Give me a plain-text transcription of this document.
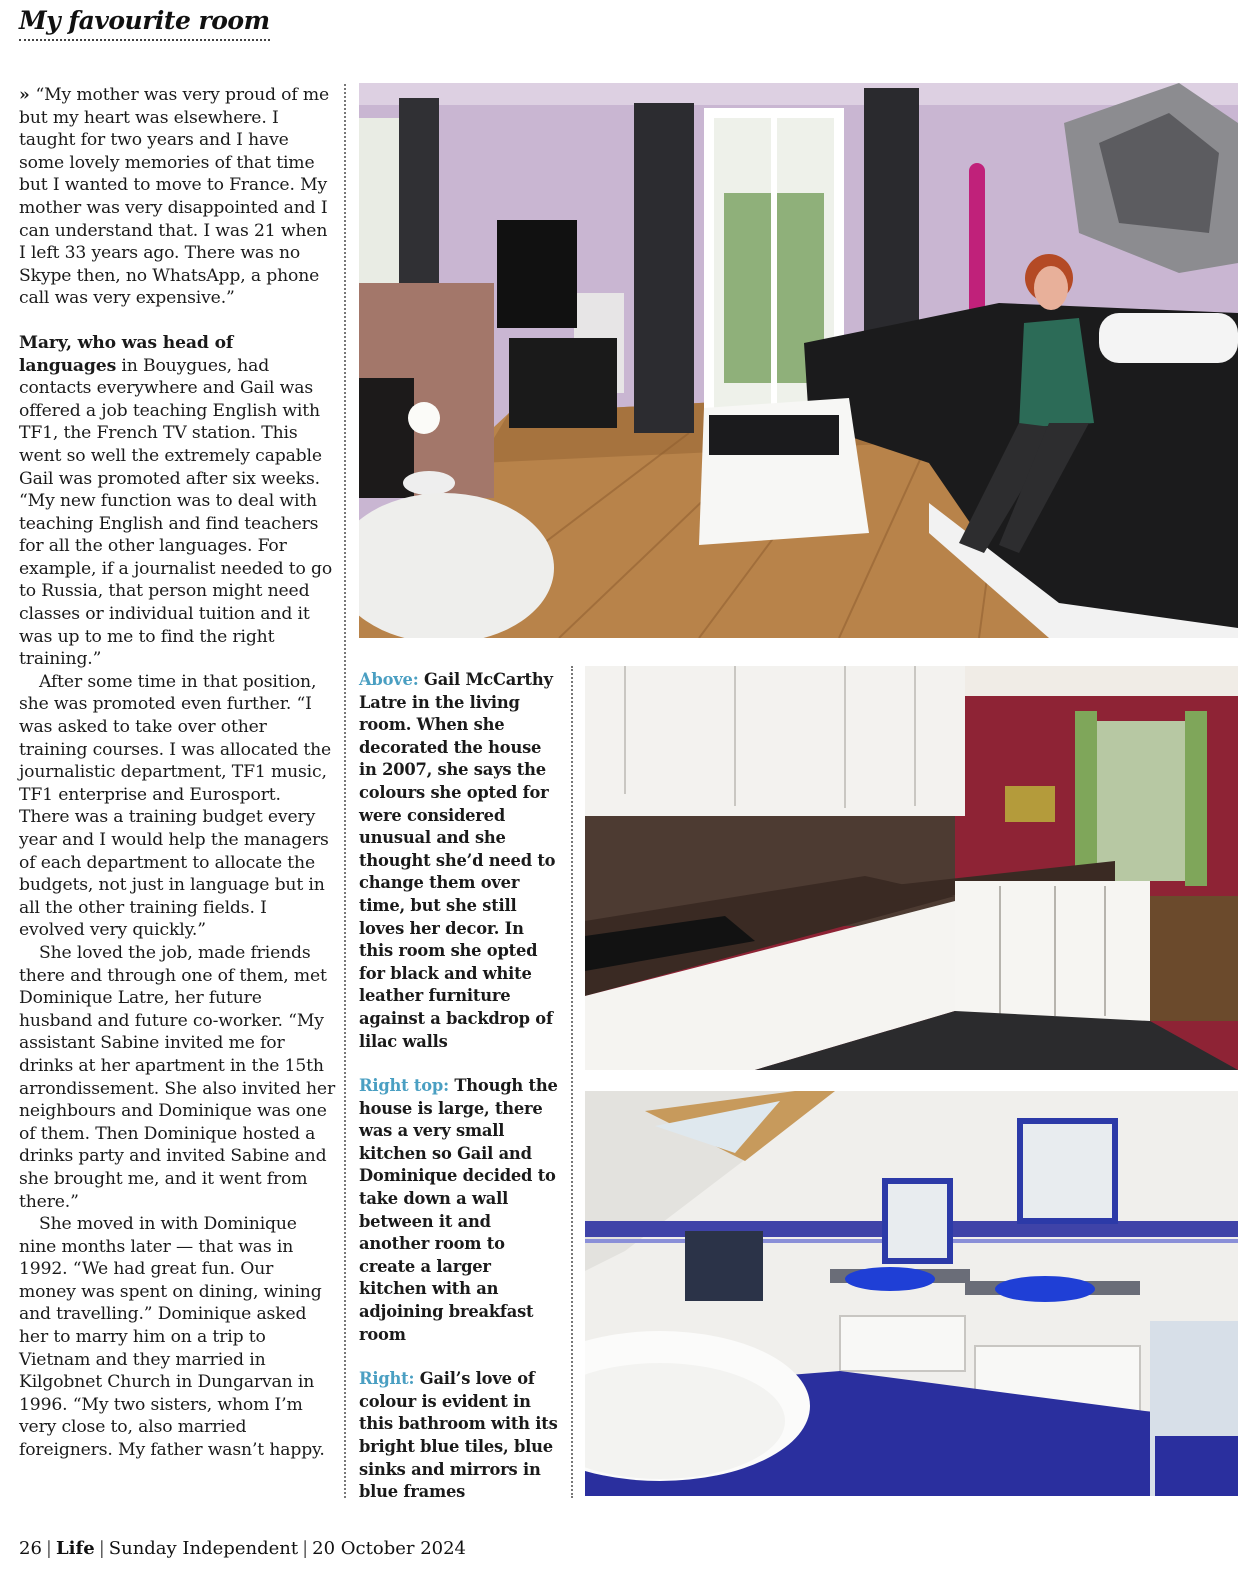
My favourite room

» “My mother was very proud of me but my heart was elsewhere. I taught for two years and I have some lovely memories of that time but I wanted to move to France. My mother was very disappointed and I can understand that. I was 21 when I left 33 years ago. There was no Skype then, no WhatsApp, a phone call was very expensive.”

Mary, who was head of languages in Bouygues, had contacts everywhere and Gail was offered a job teaching English with TF1, the French TV station. This went so well the extremely capable Gail was promoted after six weeks. “My new function was to deal with teaching English and find teachers for all the other languages. For example, if a journalist needed to go to Russia, that person might need classes or individual tuition and it was up to me to find the right training.”

After some time in that position, she was promoted even further. “I was asked to take over other training courses. I was allocated the journalistic department, TF1 music, TF1 enterprise and Eurosport. There was a training budget every year and I would help the managers of each department to allocate the budgets, not just in language but in all the other training fields. I evolved very quickly.”

She loved the job, made friends there and through one of them, met Dominique Latre, her future husband and future co-worker. “My assistant Sabine invited me for drinks at her apartment in the 15th arrondissement. She also invited her neighbours and Dominique was one of them. Then Dominique hosted a drinks party and invited Sabine and she brought me, and it went from there.”

She moved in with Dominique nine months later — that was in 1992. “We had great fun. Our money was spent on dining, wining and travelling.” Dominique asked her to marry him on a trip to Vietnam and they married in Kilgobnet Church in Dungarvan in 1996. “My two sisters, whom I’m very close to, also married foreigners. My father wasn’t happy.

Above: Gail McCarthy Latre in the living room. When she decorated the house in 2007, she says the colours she opted for were considered unusual and she thought she’d need to change them over time, but she still loves her decor. In this room she opted for black and white leather furniture against a backdrop of lilac walls

Right top: Though the house is large, there was a very small kitchen so Gail and Dominique decided to take down a wall between it and another room to create a larger kitchen with an adjoining breakfast room

Right: Gail’s love of colour is evident in this bathroom with its bright blue tiles, blue sinks and mirrors in blue frames

26 | Life | Sunday Independent | 20 October 2024
